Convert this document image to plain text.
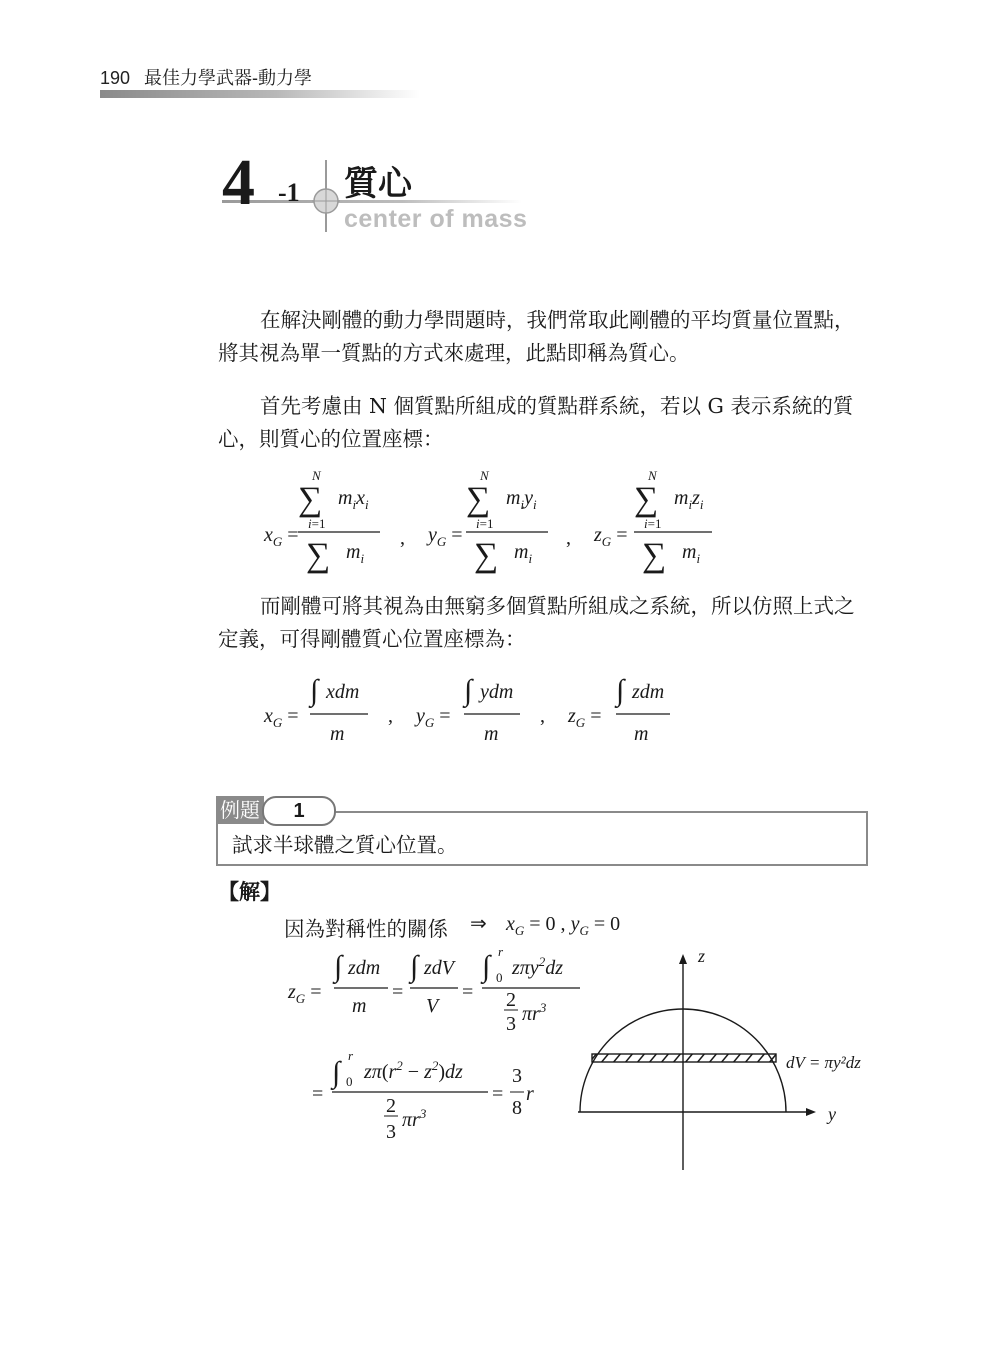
190 最佳力學武器-動力學
4 -1 質心
center of mass
在解決剛體的動力學問題時，我們常取此剛體的平均質量位置點，將其視為單一質點的方式來處理，此點即稱為質心。
首先考慮由 N 個質點所組成的質點群系統，若以 G 表示系統的質心，則質心的位置座標：
N
∑ $m_ix_i$
i=1
∑ $m_i$
$x_G$ =	,
N
∑ $m_iy_i$
i=1
∑ $m_i$
$y_G$ =	,
N
∑ $m_iz_i$
i=1
∑ $m_i$
$z_G$ =
而剛體可將其視為由無窮多個質點所組成之系統，所以仿照上式之定義，可得剛體質心位置座標為：
∫ xdm
m
$x_G$ =	,
∫ ydm
m
$y_G$ =	,
∫ zdm
m
$z_G$ =
例題	1
試求半球體之質心位置。
【解】
因為對稱性的關係 ⇒ $x_G = 0$ , $y_G = 0$
$z_G$ =
∫ zdm
m
=
∫ zdV
V
=
∫ r
0 zπy$^2$dz
2
3 $\pi r^3$
=
∫
r
0 $z\pi(r^2 - z^2)dz$
2
3
$\pi r^3$
=
3
8
r
z
y
dV = πy²dz
